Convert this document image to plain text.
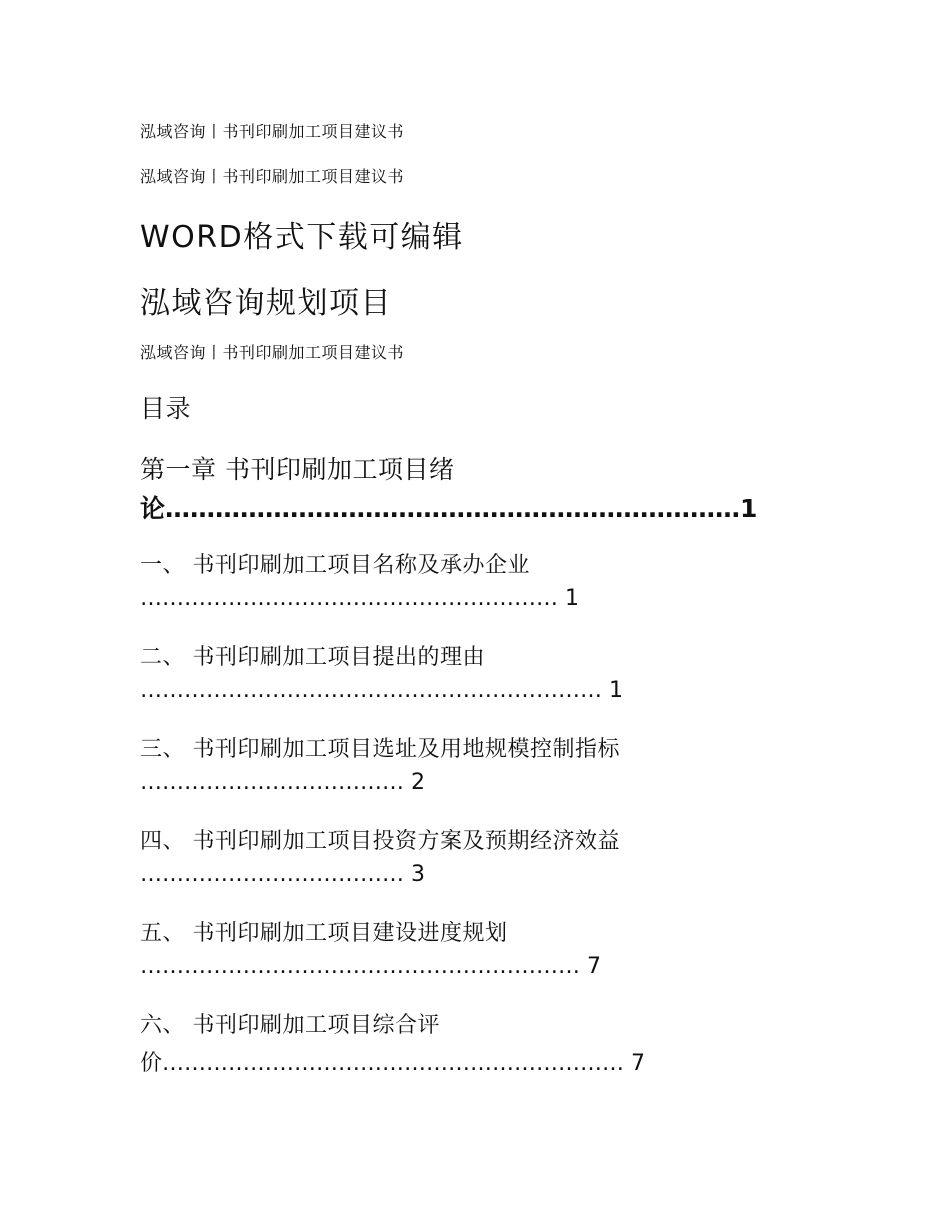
泓域咨询丨书刊印刷加工项目建议书
泓域咨询丨书刊印刷加工项目建议书
WORD格式下载可编辑
泓域咨询规划项目
泓域咨询丨书刊印刷加工项目建议书
目录
第一章 书刊印刷加工项目绪
论……………………………………………………………1
一、 书刊印刷加工项目名称及承办企业
………………………………………………… 1
二、 书刊印刷加工项目提出的理由
……………………………………………………… 1
三、 书刊印刷加工项目选址及用地规模控制指标
……………………………… 2
四、 书刊印刷加工项目投资方案及预期经济效益
……………………………… 3
五、 书刊印刷加工项目建设进度规划
…………………………………………………… 7
六、 书刊印刷加工项目综合评
价……………………………………………………… 7
